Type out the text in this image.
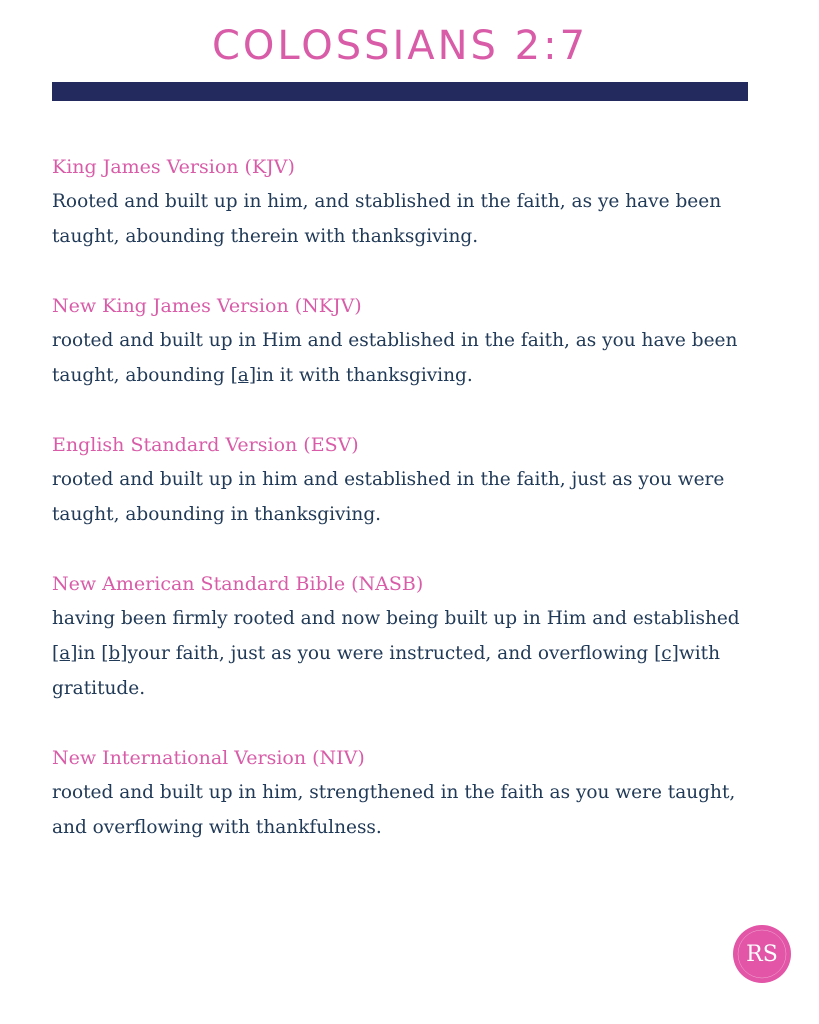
COLOSSIANS 2:7
King James Version (KJV)
Rooted and built up in him, and stablished in the faith, as ye have been
taught, abounding therein with thanksgiving.
New King James Version (NKJV)
rooted and built up in Him and established in the faith, as you have been
taught, abounding [a]in it with thanksgiving.
English Standard Version (ESV)
rooted and built up in him and established in the faith, just as you were
taught, abounding in thanksgiving.
New American Standard Bible (NASB)
having been firmly rooted and now being built up in Him and established
[a]in [b]your faith, just as you were instructed, and overflowing [c]with
gratitude.
New International Version (NIV)
rooted and built up in him, strengthened in the faith as you were taught,
and overflowing with thankfulness.
RS
